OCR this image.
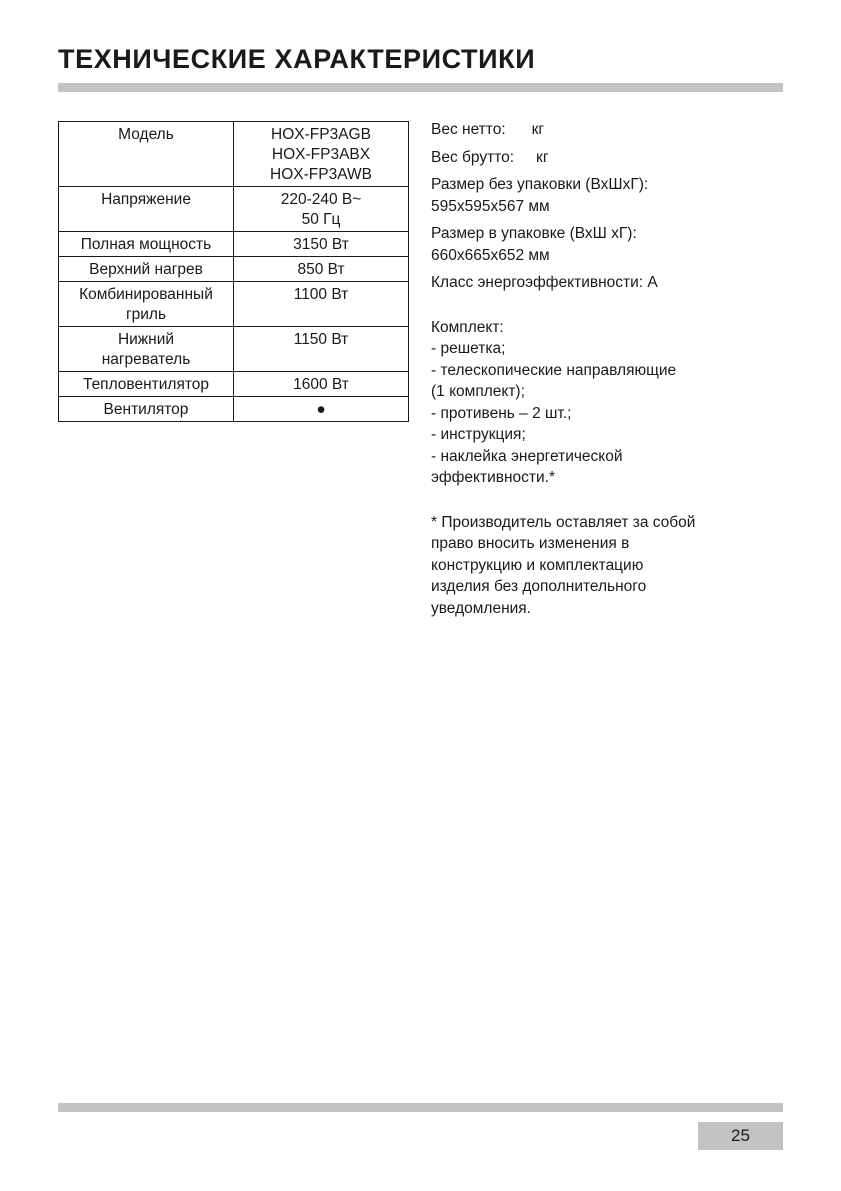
ТЕХНИЧЕСКИЕ ХАРАКТЕРИСТИКИ
Модель	HOX-FP3AGB
HOX-FP3ABX
HOX-FP3AWB
Напряжение	220-240 В~
50 Гц
Полная мощность	3150 Вт
Верхний нагрев	850 Вт
Комбинированный
гриль	1100 Вт
Нижний
нагреватель	1150 Вт
Тепловентилятор	1600 Вт
Вентилятор	●
Вес нетто: кг
Вес брутто: кг
Размер без упаковки (ВхШхГ):
595х595х567 мм
Размер в упаковке (ВхШ хГ):
660х665х652 мм
Класс энергоэффективности: А
Комплект:
- решетка;
- телескопические направляющие
(1 комплект);
- противень – 2 шт.;
- инструкция;
- наклейка энергетической
эффективности.*
* Производитель оставляет за собой
право вносить изменения в
конструкцию и комплектацию
изделия без дополнительного
уведомления.
25
